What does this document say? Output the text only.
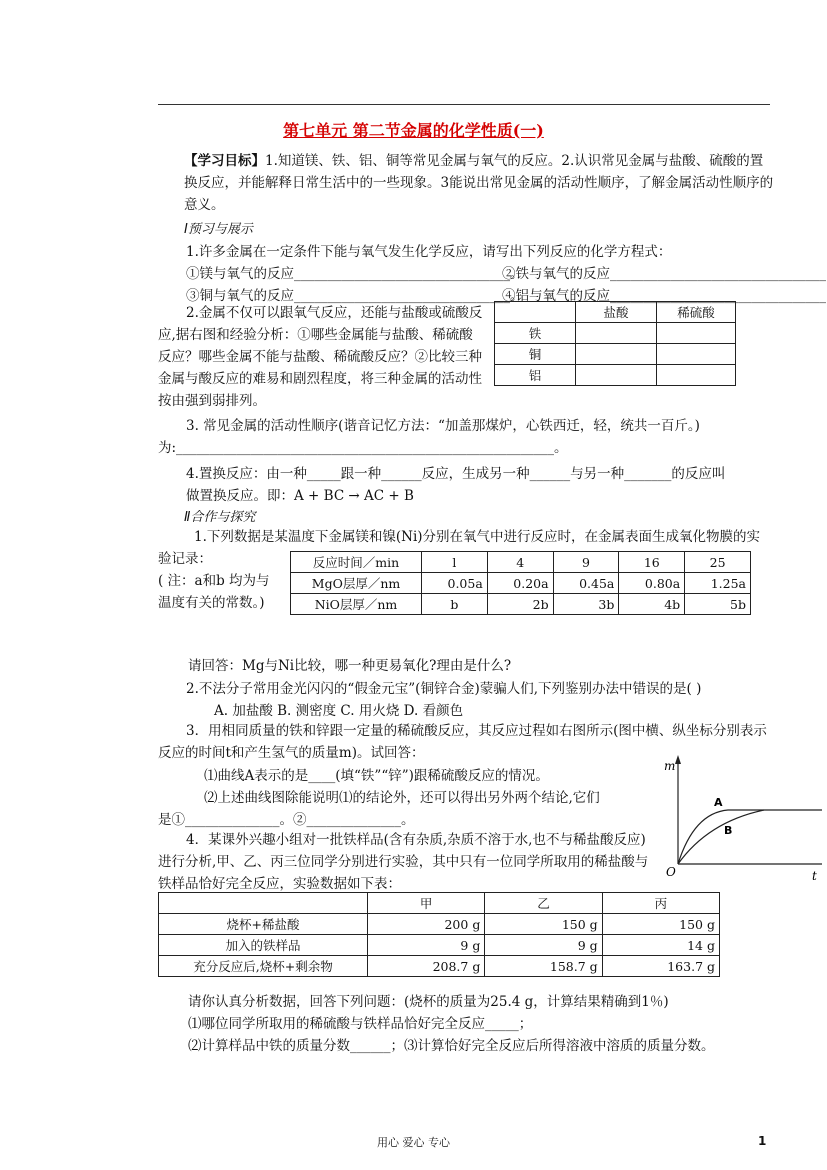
第七单元 第二节金属的化学性质(一)
【学习目标】1.知道镁、铁、铝、铜等常见金属与氧气的反应。2.认识常见金属与盐酸、硫酸的置换反应，并能解释日常生活中的一些现象。3能说出常见金属的活动性顺序，了解金属活动性顺序的意义。
Ⅰ预习与展示
1.许多金属在一定条件下能与氧气发生化学反应，请写出下列反应的化学方程式：
①镁与氧气的反应________________________________。
②铁与氧气的反应________________________________
③铜与氧气的反应________________________________。
④铝与氧气的反应________________________________
2.金属不仅可以跟氧气反应，还能与盐酸或硫酸反应,据右图和经验分析：①哪些金属能与盐酸、稀硫酸反应？哪些金属不能与盐酸、稀硫酸反应？②比较三种金属与酸反应的难易和剧烈程度，将三种金属的活动性按由强到弱排列。
	盐酸	稀硫酸
铁		
铜		
铝		
3. 常见金属的活动性顺序(谐音记忆方法：“加盖那煤炉，心铁西迁，轻，统共一百斤。)
为:________________________________________________________。
4.置换反应：由一种_____跟一种______反应，生成另一种______与另一种_______的反应叫
做置换反应。即：A + BC → AC + B
Ⅱ合作与探究
1.下列数据是某温度下金属镁和镍(Ni)分别在氧气中进行反应时，在金属表面生成氧化物膜的实验记录：
( 注：a和b 均为与温度有关的常数。)
反应时间／min	l	4	9	16	25
MgO层厚／nm	0.05a	0.20a	0.45a	0.80a	1.25a
NiO层厚／nm	b	2b	3b	4b	5b
请回答：Mg与Ni比较，哪一种更易氧化?理由是什么?
2.不法分子常用金光闪闪的“假金元宝”(铜锌合金)蒙骗人们,下列鉴别办法中错误的是( )
A. 加盐酸 B. 测密度 C. 用火烧 D. 看颜色
3．用相同质量的铁和锌跟一定量的稀硫酸反应，其反应过程如右图所示(图中横、纵坐标分别表示反应的时间t和产生氢气的质量m)。试回答：
⑴曲线A表示的是____(填“铁”“锌”)跟稀硫酸反应的情况。
⑵上述曲线图除能说明⑴的结论外，还可以得出另外两个结论,它们
是①______________。②______________。
m
O	t
A
B
4．某课外兴趣小组对一批铁样品(含有杂质,杂质不溶于水,也不与稀盐酸反应)进行分析,甲、乙、丙三位同学分别进行实验，其中只有一位同学所取用的稀盐酸与铁样品恰好完全反应，实验数据如下表：
	甲	乙	丙
烧杯+稀盐酸	200 g	150 g	150 g
加入的铁样品	9 g	9 g	14 g
充分反应后,烧杯+剩余物	208.7 g	158.7 g	163.7 g
请你认真分析数据，回答下列问题：(烧杯的质量为25.4 g，计算结果精确到1％)
⑴哪位同学所取用的稀硫酸与铁样品恰好完全反应_____；
⑵计算样品中铁的质量分数______；⑶计算恰好完全反应后所得溶液中溶质的质量分数。
用心 爱心 专心	1
